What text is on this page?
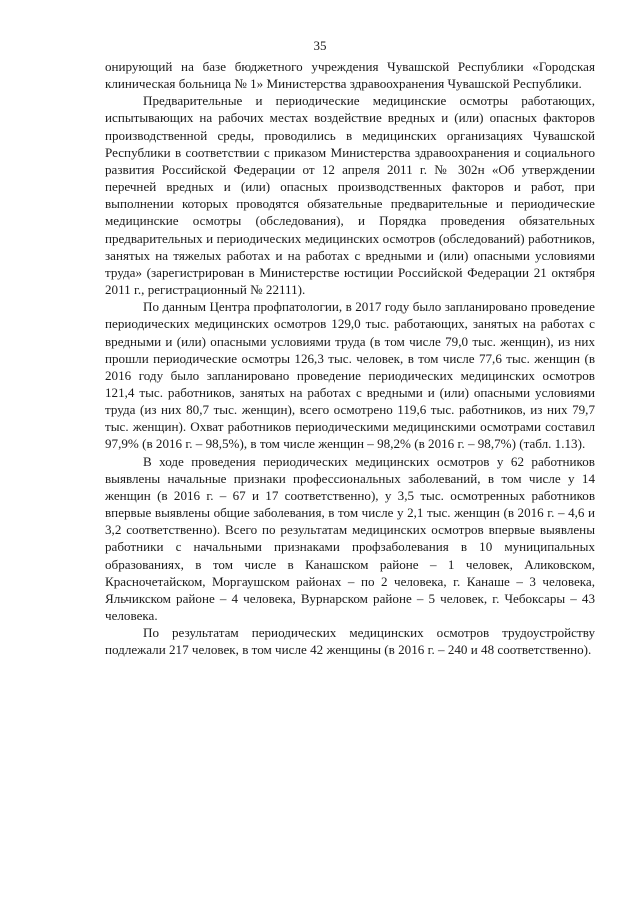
35

онирующий на базе бюджетного учреждения Чувашской Республики «Городская клиническая больница № 1» Министерства здравоохранения Чувашской Республики.

Предварительные и периодические медицинские осмотры работающих, испытывающих на рабочих местах воздействие вредных и (или) опасных факторов производственной среды, проводились в медицинских организациях Чувашской Республики в соответствии с приказом Министерства здравоохранения и социального развития Российской Федерации от 12 апреля 2011 г. № 302н «Об утверждении перечней вредных и (или) опасных производственных факторов и работ, при выполнении которых проводятся обязательные предварительные и периодические медицинские осмотры (обследования), и Порядка проведения обязательных предварительных и периодических медицинских осмотров (обследований) работников, занятых на тяжелых работах и на работах с вредными и (или) опасными условиями труда» (зарегистрирован в Министерстве юстиции Российской Федерации 21 октября 2011 г., регистрационный № 22111).

По данным Центра профпатологии, в 2017 году было запланировано проведение периодических медицинских осмотров 129,0 тыс. работающих, занятых на работах с вредными и (или) опасными условиями труда (в том числе 79,0 тыс. женщин), из них прошли периодические осмотры 126,3 тыс. человек, в том числе 77,6 тыс. женщин (в 2016 году было запланировано проведение периодических медицинских осмотров 121,4 тыс. работников, занятых на работах с вредными и (или) опасными условиями труда (из них 80,7 тыс. женщин), всего осмотрено 119,6 тыс. работников, из них 79,7 тыс. женщин). Охват работников периодическими медицинскими осмотрами составил 97,9% (в 2016 г. – 98,5%), в том числе женщин – 98,2% (в 2016 г. – 98,7%) (табл. 1.13).

В ходе проведения периодических медицинских осмотров у 62 работников выявлены начальные признаки профессиональных заболеваний, в том числе у 14 женщин (в 2016 г. – 67 и 17 соответственно), у 3,5 тыс. осмотренных работников впервые выявлены общие заболевания, в том числе у 2,1 тыс. женщин (в 2016 г. – 4,6 и 3,2 соответственно). Всего по результатам медицинских осмотров впервые выявлены работники с начальными признаками профзаболевания в 10 муниципальных образованиях, в том числе в Канашском районе – 1 человек, Аликовском, Красночетайском, Моргаушском районах – по 2 человека, г. Канаше – 3 человека, Яльчикском районе – 4 человека, Вурнарском районе – 5 человек, г. Чебоксары – 43 человека.

По результатам периодических медицинских осмотров трудоустройству подлежали 217 человек, в том числе 42 женщины (в 2016 г. – 240 и 48 соответственно).
